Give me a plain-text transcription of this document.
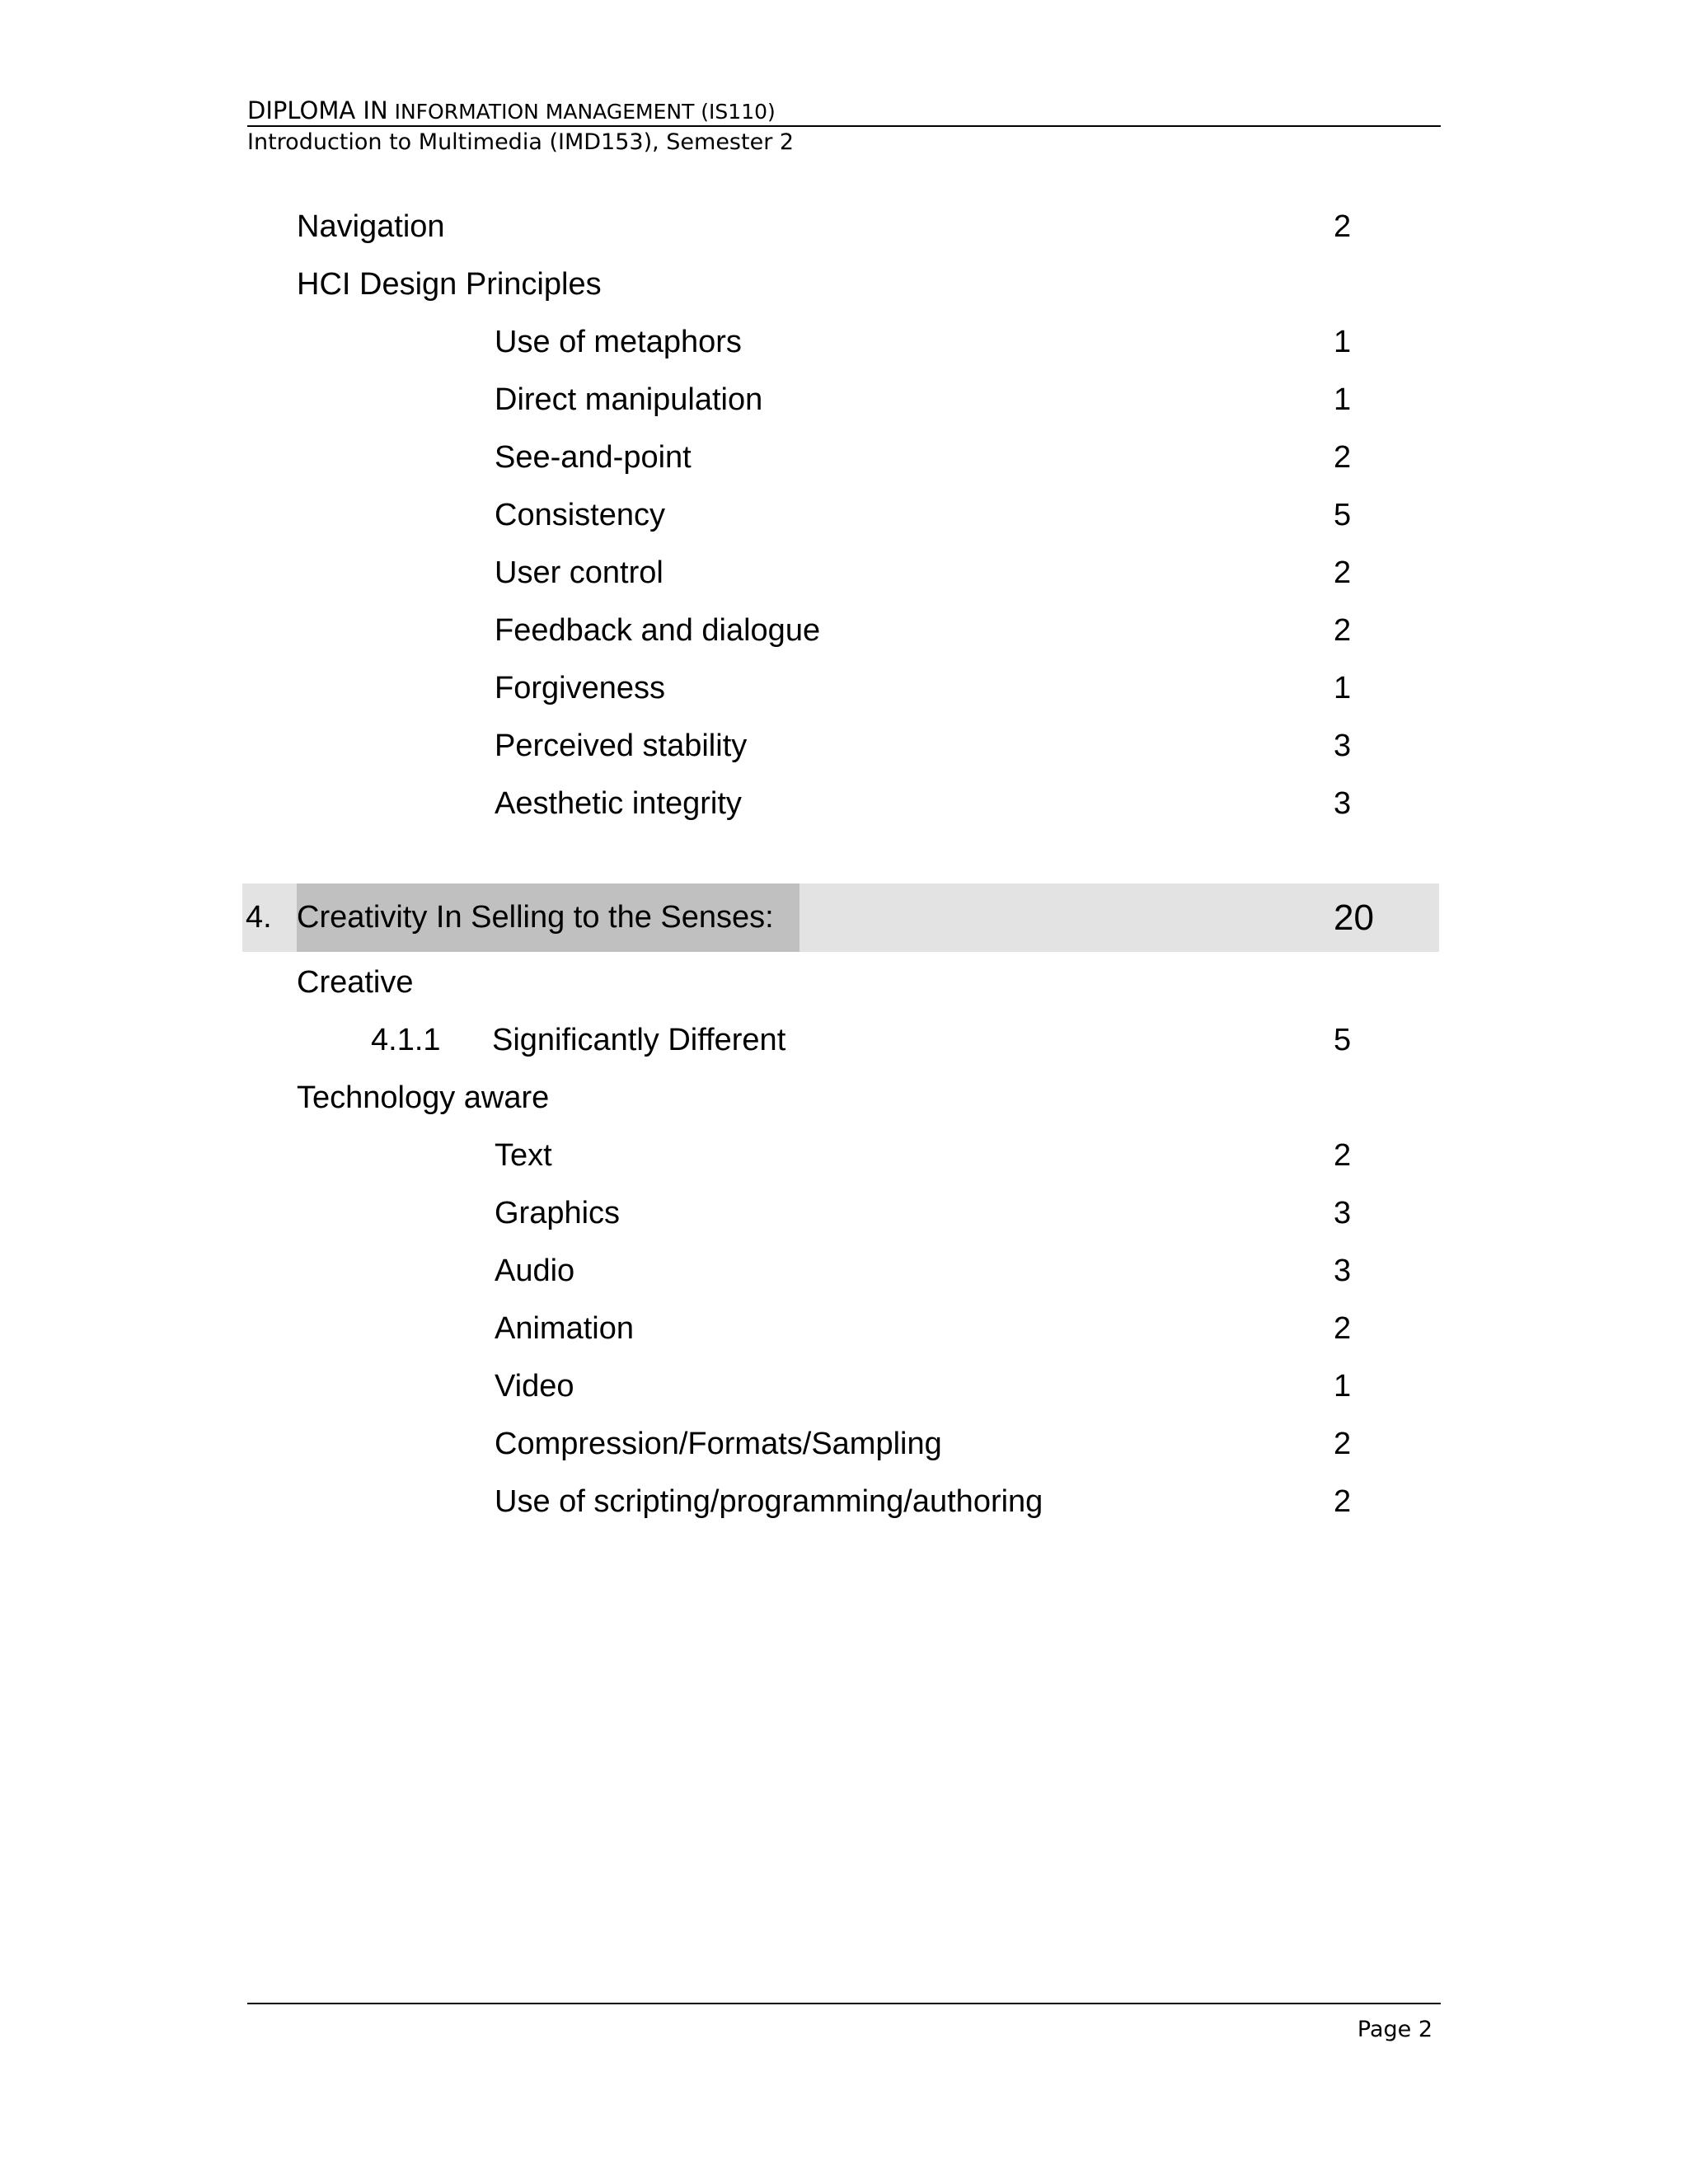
DIPLOMA IN INFORMATION MANAGEMENT (IS110)
Introduction to Multimedia (IMD153), Semester 2
Navigation	2
HCI Design Principles
Use of metaphors	1
Direct manipulation	1
See-and-point	2
Consistency	5
User control	2
Feedback and dialogue	2
Forgiveness	1
Perceived stability	3
Aesthetic integrity	3
4. Creativity In Selling to the Senses:	20
Creative
4.1.1 Significantly Different	5
Technology aware
Text	2
Graphics	3
Audio	3
Animation	2
Video	1
Compression/Formats/Sampling	2
Use of scripting/programming/authoring	2
Page 2
